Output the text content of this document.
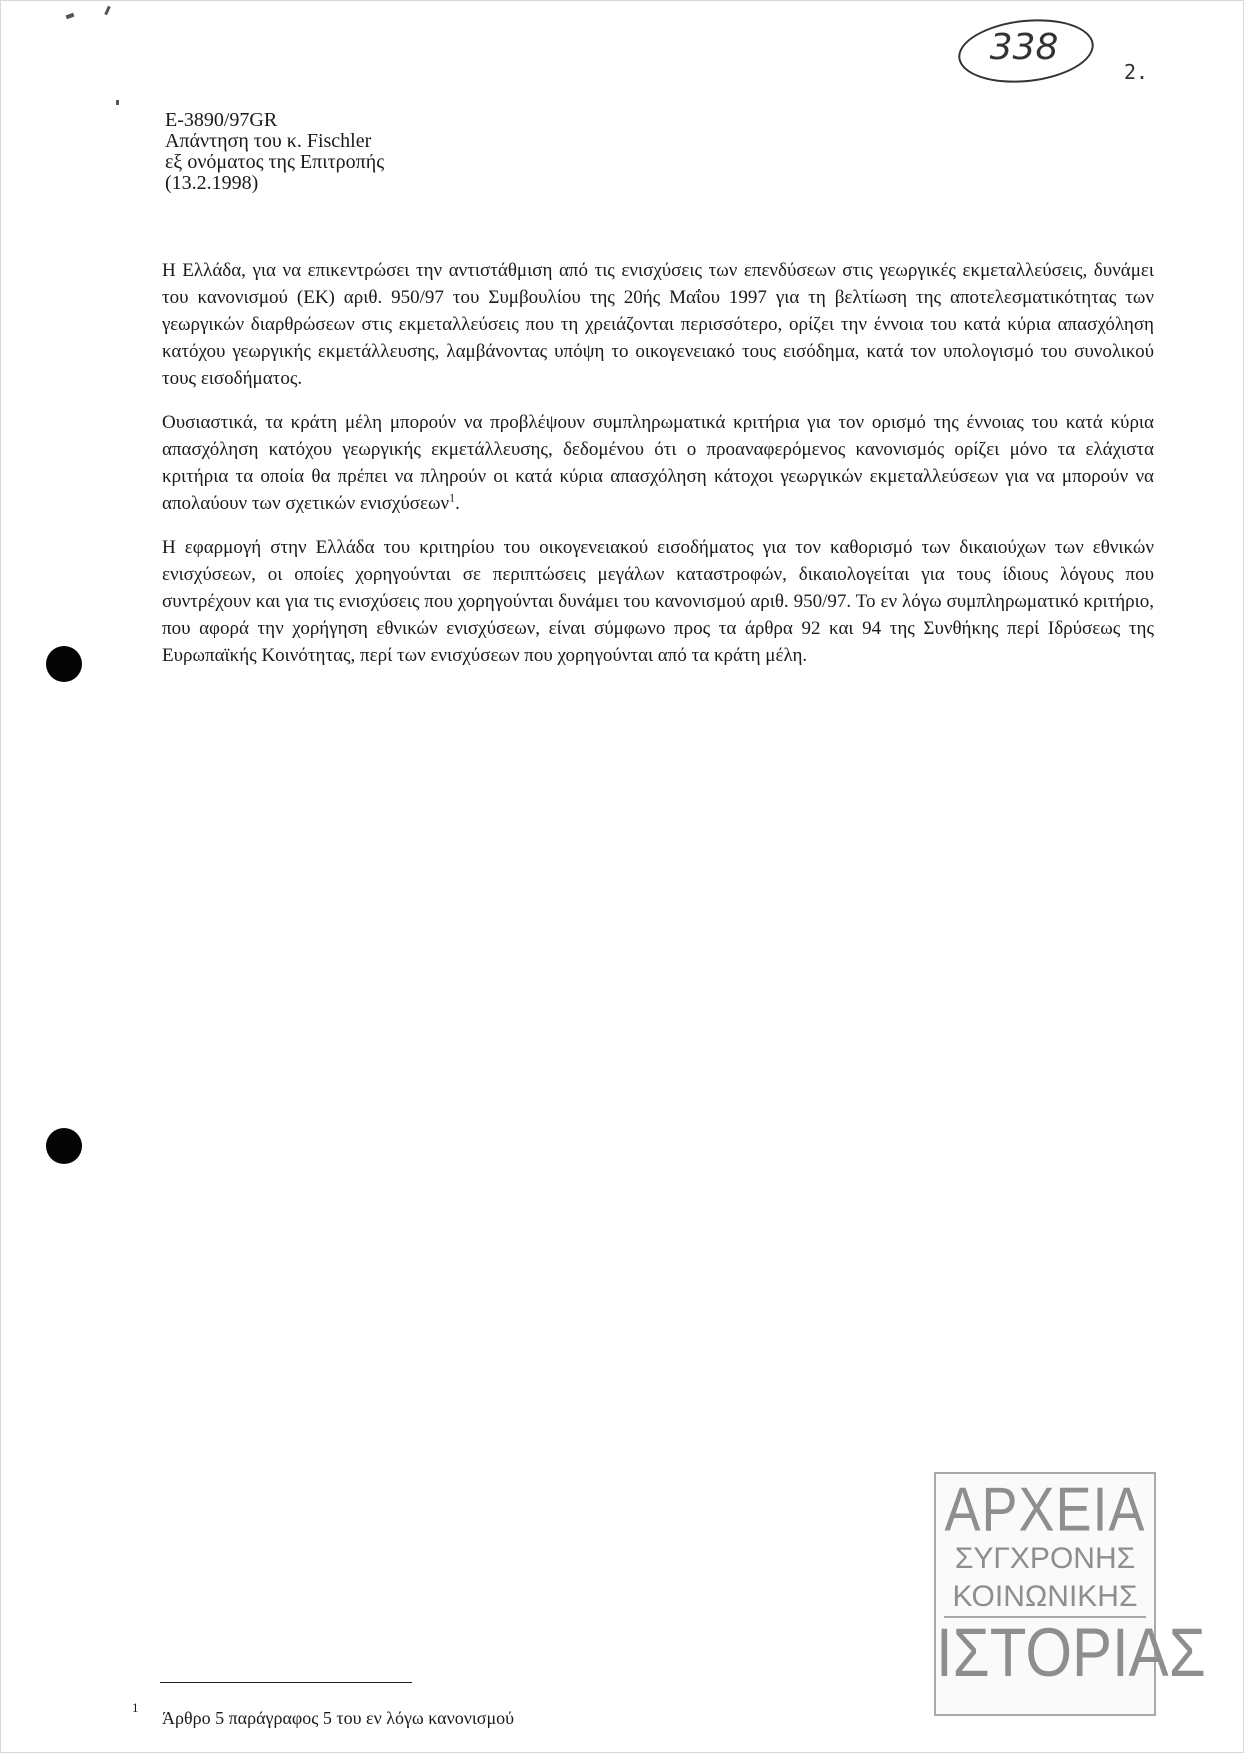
338
2.
E-3890/97GR
Απάντηση του κ. Fischler
εξ ονόματος της Επιτροπής
(13.2.1998)

Η Ελλάδα, για να επικεντρώσει την αντιστάθμιση από τις ενισχύσεις των επενδύσεων στις γεωργικές εκμεταλλεύσεις, δυνάμει του κανονισμού (ΕΚ) αριθ. 950/97 του Συμβουλίου της 20ής Μαΐου 1997 για τη βελτίωση της αποτελεσματικότητας των γεωργικών διαρθρώσεων στις εκμεταλλεύσεις που τη χρειάζονται περισσότερο, ορίζει την έννοια του κατά κύρια απασχόληση κατόχου γεωργικής εκμετάλλευσης, λαμβάνοντας υπόψη το οικογενειακό τους εισόδημα, κατά τον υπολογισμό του συνολικού τους εισοδήματος.

Ουσιαστικά, τα κράτη μέλη μπορούν να προβλέψουν συμπληρωματικά κριτήρια για τον ορισμό της έννοιας του κατά κύρια απασχόληση κατόχου γεωργικής εκμετάλλευσης, δεδομένου ότι ο προαναφερόμενος κανονισμός ορίζει μόνο τα ελάχιστα κριτήρια τα οποία θα πρέπει να πληρούν οι κατά κύρια απασχόληση κάτοχοι γεωργικών εκμεταλλεύσεων για να μπορούν να απολαύουν των σχετικών ενισχύσεων$^1$.

Η εφαρμογή στην Ελλάδα του κριτηρίου του οικογενειακού εισοδήματος για τον καθορισμό των δικαιούχων των εθνικών ενισχύσεων, οι οποίες χορηγούνται σε περιπτώσεις μεγάλων καταστροφών, δικαιολογείται για τους ίδιους λόγους που συντρέχουν και για τις ενισχύσεις που χορηγούνται δυνάμει του κανονισμού αριθ. 950/97. Το εν λόγω συμπληρωματικό κριτήριο, που αφορά την χορήγηση εθνικών ενισχύσεων, είναι σύμφωνο προς τα άρθρα 92 και 94 της Συνθήκης περί Ιδρύσεως της Ευρωπαϊκής Κοινότητας, περί των ενισχύσεων που χορηγούνται από τα κράτη μέλη.

ΑΡΧΕΙΑ
ΣΥΓΧΡΟΝΗΣ
ΚΟΙΝΩΝΙΚΗΣ
ΙΣΤΟΡΙΑΣ
1
Άρθρο 5 παράγραφος 5 του εν λόγω κανονισμού
